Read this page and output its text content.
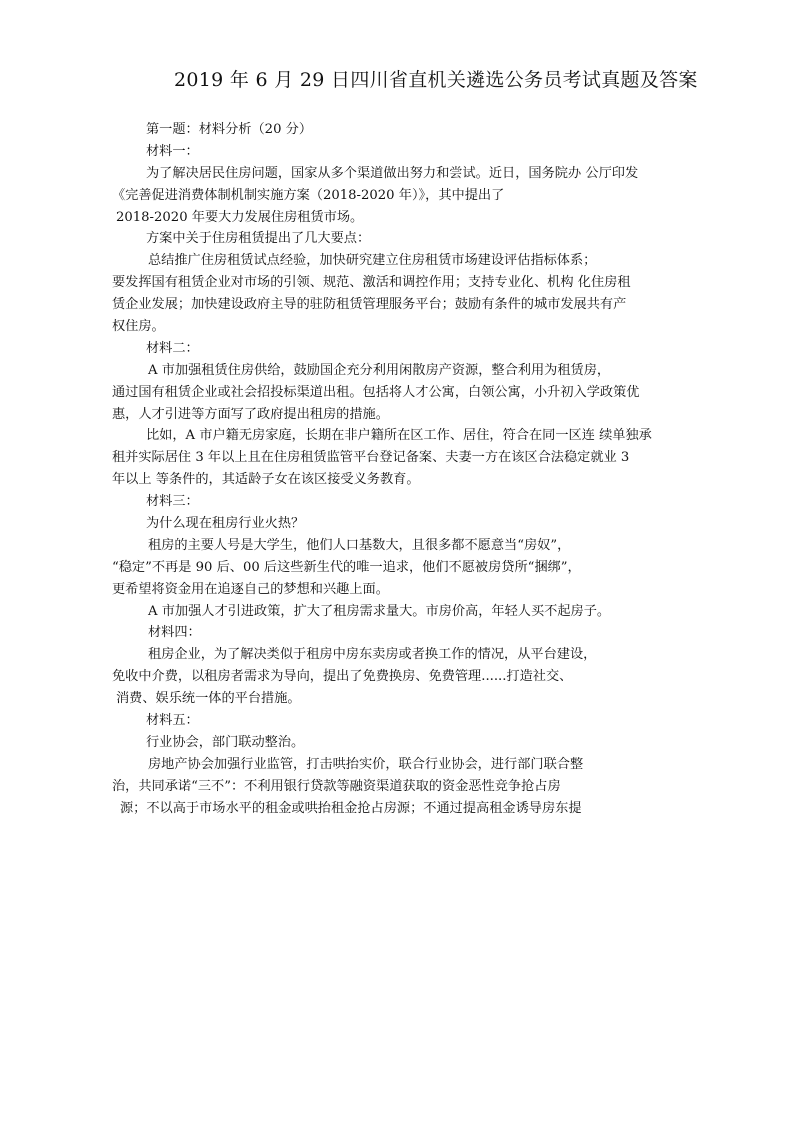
2019 年 6 月 29 日四川省直机关遴选公务员考试真题及答案
第一题：材料分析（20 分）
材料一：
为了解决居民住房问题，国家从多个渠道做出努力和尝试。近日，国务院办 公厅印发
《完善促进消费体制机制实施方案（2018-2020 年）》，其中提出了
2018-2020 年要大力发展住房租赁市场。
方案中关于住房租赁提出了几大要点：
总结推广住房租赁试点经验，加快研究建立住房租赁市场建设评估指标体系；
要发挥国有租赁企业对市场的引领、规范、激活和调控作用；支持专业化、机构 化住房租
赁企业发展；加快建设政府主导的驻防租赁管理服务平台；鼓励有条件的城市发展共有产
权住房。
材料二：
A 市加强租赁住房供给，鼓励国企充分利用闲散房产资源，整合利用为租赁房，
通过国有租赁企业或社会招投标渠道出租。包括将人才公寓，白领公寓，小升初入学政策优
惠，人才引进等方面写了政府提出租房的措施。
比如，A 市户籍无房家庭，长期在非户籍所在区工作、居住，符合在同一区连 续单独承
租并实际居住 3 年以上且在住房租赁监管平台登记备案、夫妻一方在该区合法稳定就业 3
年以上 等条件的，其适龄子女在该区接受义务教育。
材料三：
为什么现在租房行业火热？
租房的主要人号是大学生，他们人口基数大，且很多都不愿意当“房奴”，
“稳定”不再是 90 后、00 后这些新生代的唯一追求，他们不愿被房贷所“捆绑”，
更希望将资金用在追逐自己的梦想和兴趣上面。
A 市加强人才引进政策，扩大了租房需求量大。市房价高，年轻人买不起房子。
材料四：
租房企业，为了解决类似于租房中房东卖房或者换工作的情况，从平台建设，
免收中介费，以租房者需求为导向，提出了免费换房、免费管理......打造社交、
消费、娱乐统一体的平台措施。
材料五：
行业协会，部门联动整治。
房地产协会加强行业监管，打击哄抬实价，联合行业协会，进行部门联合整
治，共同承诺“三不”：不利用银行贷款等融资渠道获取的资金恶性竞争抢占房
源；不以高于市场水平的租金或哄抬租金抢占房源；不通过提高租金诱导房东提
